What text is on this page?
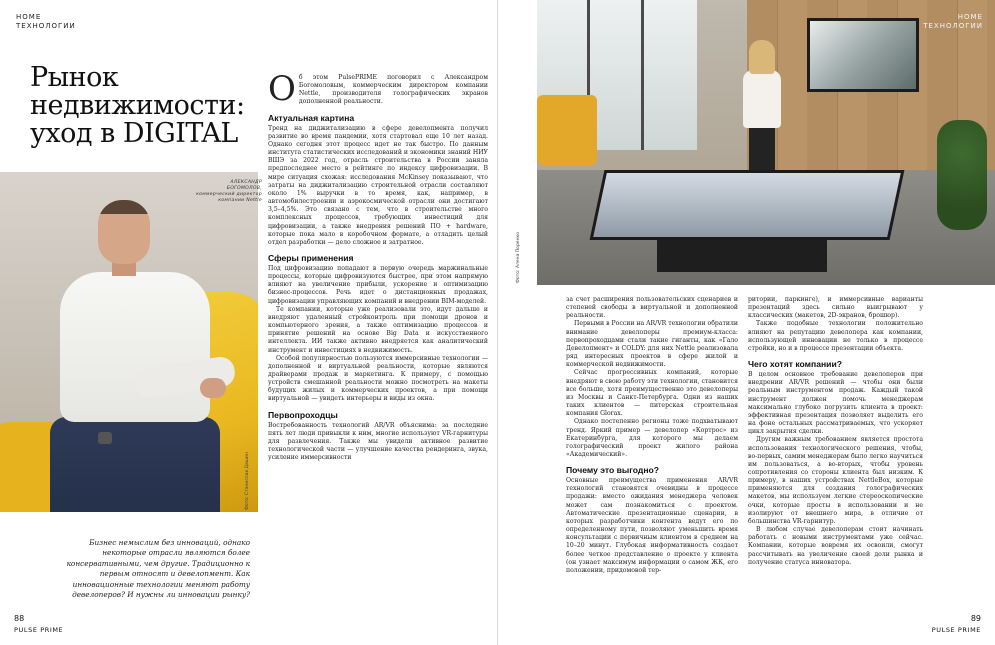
HOME
ТЕХНОЛОГИИ
Рынок
недвижимости:
уход в DIGITAL
АЛЕКСАНДР
БОГОМОЛОВ,
коммерческий директор
компании Nettle
Фото: Станислав Дашин
Бизнес немыслим без инноваций, однако некоторые отрасли являются более консервативными, чем другие. Традиционно к первым относят и девелопмент. Как инновационные технологии меняют работу девелоперов? И нужны ли инновации рынку?
88
PULSE PRIME

Об этом PulsePRIME поговорил с Александром Богомоловым, коммерческим директором компании Nettle, производителя голографических экранов дополненной реальности.

Актуальная картина

Тренд на диджитализацию в сфере девелопмента получил развитие во время пандемии, хотя стартовал еще 10 лет назад. Однако сегодня этот процесс идет не так быстро. По данным института статистических исследований и экономики знаний НИУ ВШЭ за 2022 год, отрасль строительства в России заняла предпоследнее место в рейтинге по индексу цифровизации. В мире ситуация схожая: исследования McKinsey показывают, что затраты на диджитализацию строительной отрасли составляют около 1% выручки в то время, как, например, в автомобилестроении и аэрокосмической отрасли они достигают 3,5–4,5%. Это связано с тем, что в строительстве много комплексных процессов, требующих инвестиций для цифровизации, а также внедрения решений ПО + hardware, которые пока мало в коробочном формате, а отладить целый отдел разработки — дело сложное и затратное.

Сферы применения

Под цифровизацию попадают в первую очередь маржинальные процессы, которые цифровизуются быстрее, при этом напрямую влияют на увеличение прибыли, ускорение и оптимизацию бизнес-процессов. Речь идет о дистанционных продажах, цифровизации управляющих компаний и внедрении BIM-моделей.

Те компании, которые уже реализовали это, идут дальше и внедряют удаленный стройконтроль при помощи дронов и компьютерного зрения, а также оптимизацию процессов и принятие решений на основе Big Data и искусственного интеллекта. ИИ также активно внедряется как аналитический инструмент и инвестициях в недвижимость.

Особой популярностью пользуются иммерсивные технологии — дополненной и виртуальной реальности, которые являются драйверами продаж и маркетинга. К примеру, с помощью устройств смешанной реальности можно посмотреть на макеты будущих жилых и коммерческих проектов, а при помощи виртуальной — увидеть интерьеры и виды из окна.

Первопроходцы

Востребованность технологий AR/VR объяснима: за последние пять лет люди привыкли к ним, многие используют VR-гарнитуры для развлечения. Также мы увидели активное развитие технологической части — улучшение качества рендеринга, звука, усиление иммерсивности

HOME
ТЕХНОЛОГИИ
Фото: Алена Поренко

за счет расширения пользовательских сценариев и степеней свободы в виртуальной и дополненной реальности.

Первыми в России на AR/VR технологии обратили внимание девелоперы премиум-класса: первопроходцами стали такие гиганты, как «Гало Девелопмент» и COLDY: для них Nettle реализовала ряд интересных проектов в сфере жилой и коммерческой недвижимости.

Сейчас прогрессивных компаний, которые внедряют в свою работу эти технологии, становится все больше, хотя преимущественно это девелоперы из Москвы и Санкт-Петербурга. Одни из наших таких клиентов — питерская строительная компания Glorax.

Однако постепенно регионы тоже подхватывают тренд. Яркий пример — девелопер «Кортрос» из Екатеринбурга, для которого мы делаем голографический проект жилого района «Академический».

Почему это выгодно?

Основные преимущества применения AR/VR технологий становятся очевидны в процессе продажи: вместо ожидания менеджера человек может сам познакомиться с проектом. Автоматические презентационные сценарии, в которых разработчики контента ведут его по определенному пути, позволяют уменьшить время консультации с первичным клиентом в среднем на 10–20 минут. Глубокая информативность создает более четкое представление о проекте у клиента (он узнает максимум информации о самом ЖК, его положении, придомовой тер-

ритории, паркинге), и иммерсивные варианты презентаций здесь сильно выигрывают у классических (макетов, 2D-экранов, брошюр).

Также подобные технологии положительно влияют на репутацию девелопера как компании, использующей инновации не только в процессе стройки, но и в процессе презентации объекта.

Чего хотят компании?

В целом основное требование девелоперов при внедрении AR/VR решений — чтобы они были реальным инструментом продаж. Каждый такой инструмент должен помочь менеджерам максимально глубоко погрузить клиента в проект: эффективная презентация позволяет выделить его на фоне остальных рассматриваемых, что ускоряет цикл закрытия сделки.

Другим важным требованием является простота использования технологического решения, чтобы, во-первых, самим менеджерам было легко научиться им пользоваться, а во-вторых, чтобы уровень сопротивления со стороны клиента был низким. К примеру, в наших устройствах NettleBox, которые применяются для создания голографических макетов, мы используем легкие стереоскопические очки, которые просты в использовании и не изолируют от внешнего мира, в отличие от большинства VR-гарнитур.

В любом случае девелоперам стоит начинать работать с новыми инструментами уже сейчас. Компании, которые вовремя их освоили, смогут рассчитывать на увеличение своей доли рынка и получение статуса инноватора.

89
PULSE PRIME
